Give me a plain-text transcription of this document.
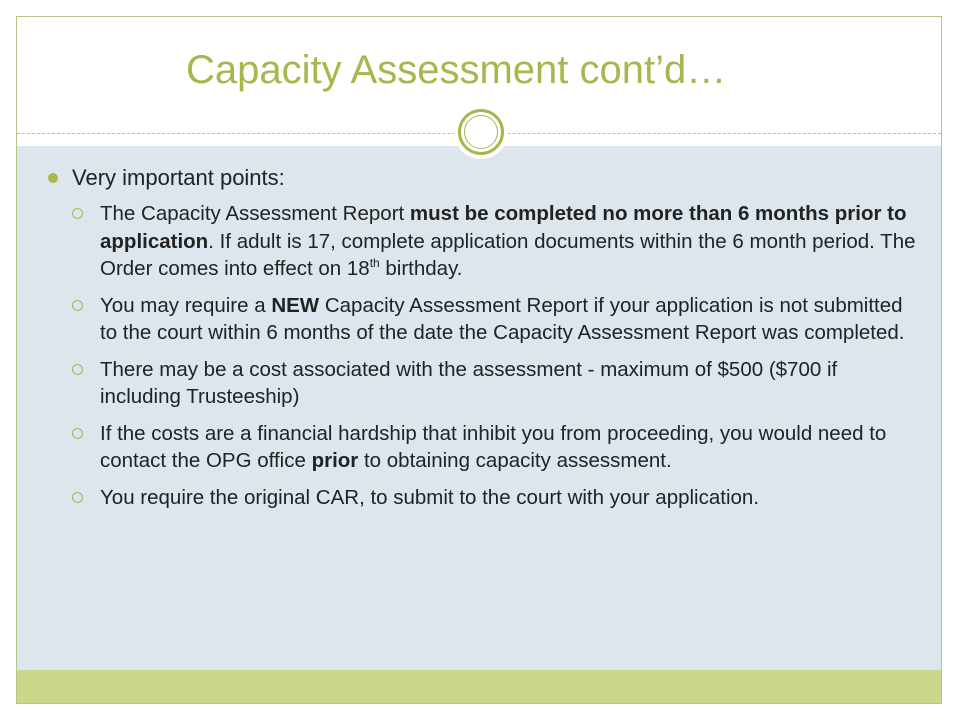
Capacity Assessment cont’d…
Very important points:
The Capacity Assessment Report must be completed no more than 6 months prior to application. If adult is 17, complete application documents within the 6 month period. The Order comes into effect on 18th birthday.
You may require a NEW Capacity Assessment Report if your application is not submitted to the court within 6 months of the date the Capacity Assessment Report was completed.
There may be a cost associated with the assessment - maximum of $500 ($700 if including Trusteeship)
If the costs are a financial hardship that inhibit you from proceeding, you would need to contact the OPG office prior to obtaining capacity assessment.
You require the original CAR, to submit to the court with your application.
